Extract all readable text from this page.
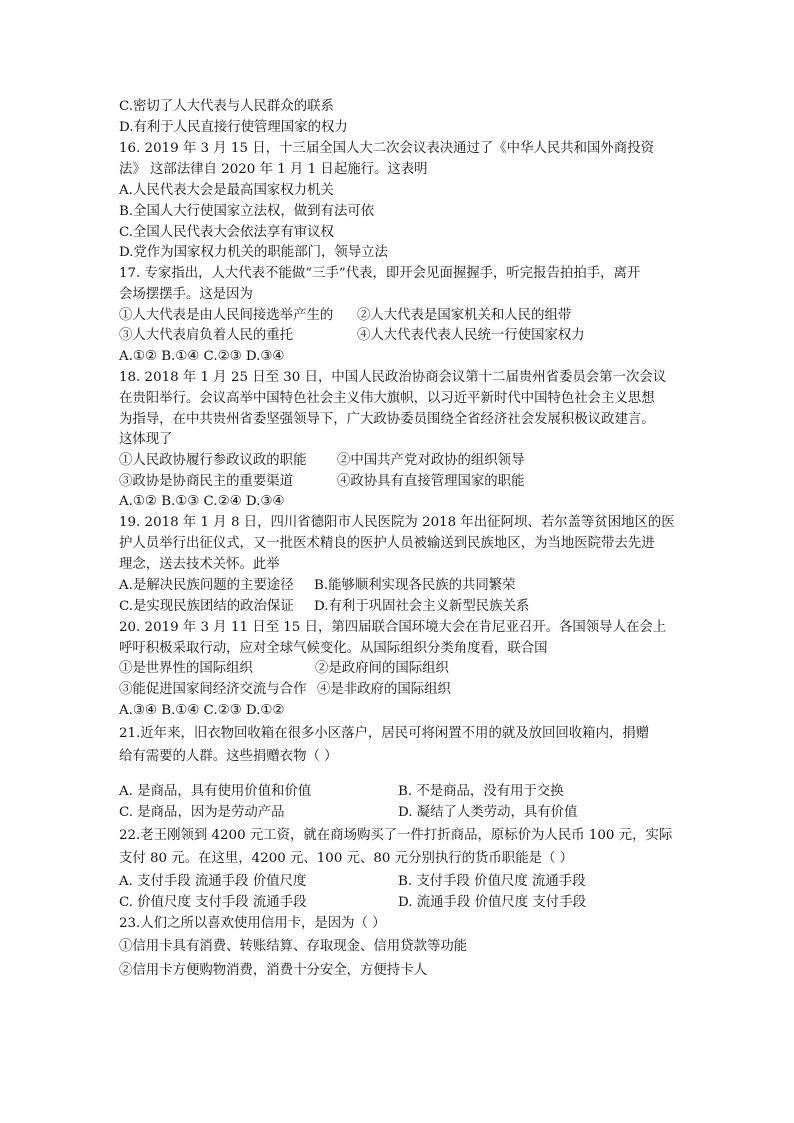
C.密切了人大代表与人民群众的联系
D.有利于人民直接行使管理国家的权力
16. 2019 年 3 月 15 日，十三届全国人大二次会议表决通过了《中华人民共和国外商投资
法》 这部法律自 2020 年 1 月 1 日起施行。这表明
A.人民代表大会是最高国家权力机关
B.全国人大行使国家立法权，做到有法可依
C.全国人民代表大会依法享有审议权
D.党作为国家权力机关的职能部门，领导立法
17. 专家指出，人大代表不能做“三手”代表，即开会见面握握手，听完报告拍拍手，离开
会场摆摆手。这是因为
①人大代表是由人民间接选举产生的 ②人大代表是国家机关和人民的组带
③人大代表肩负着人民的重托	④人大代表代表人民统一行使国家权力
A.①② B.①④ C.②③ D.③④
18. 2018 年 1 月 25 日至 30 日，中国人民政治协商会议第十二届贵州省委员会第一次会议
在贵阳举行。会议高举中国特色社会主义伟大旗帜，以习近平新时代中国特色社会主义思想
为指导，在中共贵州省委坚强领导下，广大政协委员围绕全省经济社会发展积极议政建言。
这体现了
①人民政协履行参政议政的职能 ②中国共产党对政协的组织领导
③政协是协商民主的重要渠道	④政协具有直接管理国家的职能
A.①② B.①③ C.②④ D.③④
19. 2018 年 1 月 8 日，四川省德阳市人民医院为 2018 年出征阿坝、若尔盖等贫困地区的医
护人员举行出征仪式，又一批医术精良的医护人员被输送到民族地区，为当地医院带去先进
理念，送去技术关怀。此举
A.是解决民族问题的主要途径 B.能够顺利实现各民族的共同繁荣
C.是实现民族团结的政治保证 D.有利于巩固社会主义新型民族关系
20. 2019 年 3 月 11 日至 15 日，第四届联合国环境大会在肯尼亚召开。各国领导人在会上
呼吁积极采取行动，应对全球气候变化。从国际组织分类角度看，联合国
①是世界性的国际组织	②是政府间的国际组织
③能促进国家间经济交流与合作 ④是非政府的国际组织
A.③④ B.①④ C.②③ D.①②
21.近年来，旧衣物回收箱在很多小区落户，居民可将闲置不用的就及放回回收箱内，捐赠
给有需要的人群。这些捐赠衣物（ ）
A. 是商品，具有使用价值和价值	B. 不是商品，没有用于交换
C. 是商品，因为是劳动产品	D. 凝结了人类劳动，具有价值
22.老王刚领到 4200 元工资，就在商场购买了一件打折商品，原标价为人民币 100 元，实际
支付 80 元。在这里，4200 元、100 元、80 元分别执行的货币职能是（ ）
A. 支付手段 流通手段 价值尺度	B. 支付手段 价值尺度 流通手段
C. 价值尺度 支付手段 流通手段	D. 流通手段 价值尺度 支付手段
23.人们之所以喜欢使用信用卡，是因为（ ）
①信用卡具有消费、转账结算、存取现金、信用贷款等功能
②信用卡方便购物消费，消费十分安全，方便持卡人
